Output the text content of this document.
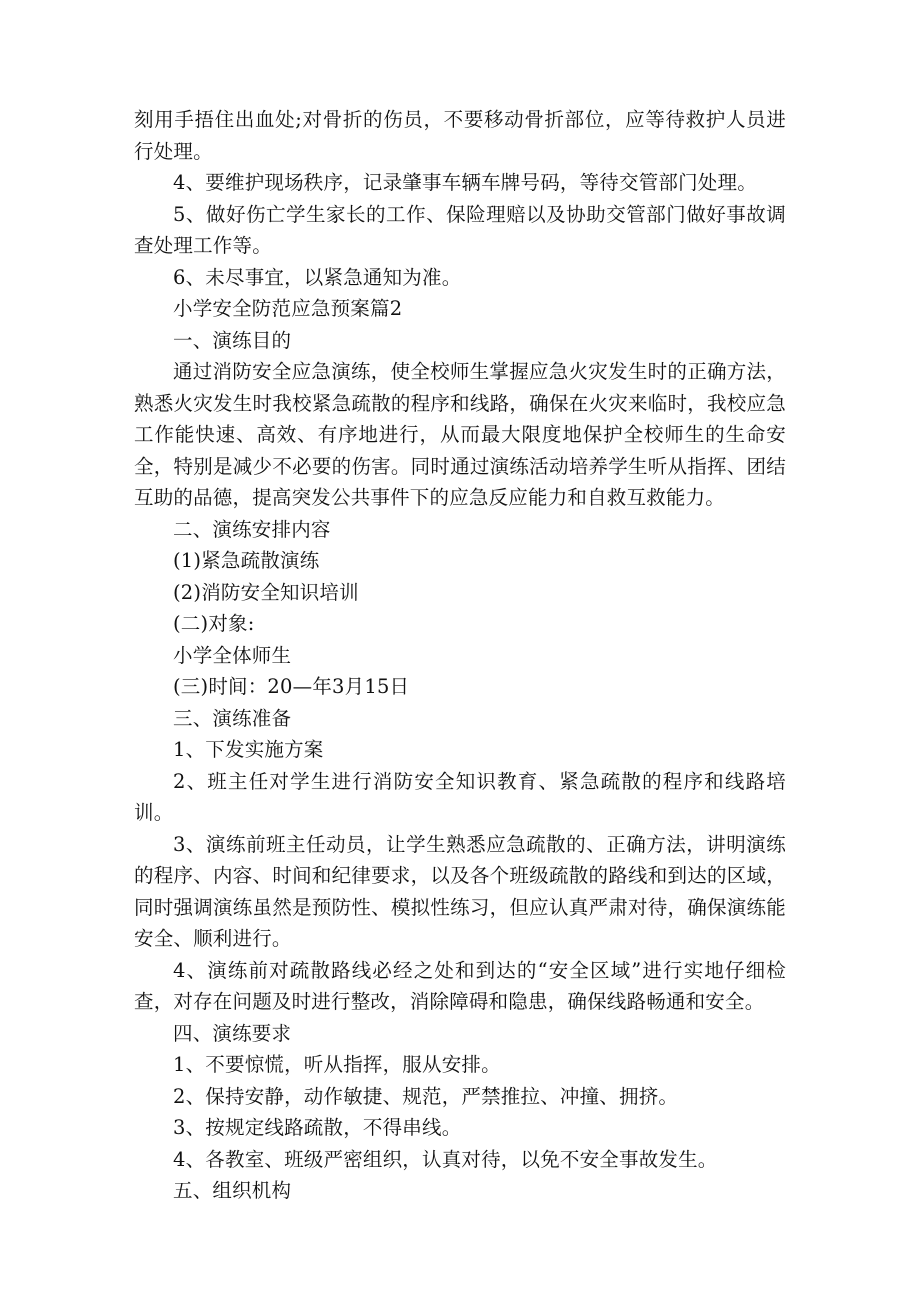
刻用手捂住出血处;对骨折的伤员，不要移动骨折部位，应等待救护人员进行处理。

4、要维护现场秩序，记录肇事车辆车牌号码，等待交管部门处理。

5、做好伤亡学生家长的工作、保险理赔以及协助交管部门做好事故调查处理工作等。

6、未尽事宜，以紧急通知为准。

小学安全防范应急预案篇2

一、演练目的

通过消防安全应急演练，使全校师生掌握应急火灾发生时的正确方法，熟悉火灾发生时我校紧急疏散的程序和线路，确保在火灾来临时，我校应急工作能快速、高效、有序地进行，从而最大限度地保护全校师生的生命安全，特别是减少不必要的伤害。同时通过演练活动培养学生听从指挥、团结互助的品德，提高突发公共事件下的应急反应能力和自救互救能力。

二、演练安排内容

(1)紧急疏散演练

(2)消防安全知识培训

(二)对象:

小学全体师生

(三)时间：20—年3月15日

三、演练准备

1、下发实施方案

2、班主任对学生进行消防安全知识教育、紧急疏散的程序和线路培训。

3、演练前班主任动员，让学生熟悉应急疏散的、正确方法，讲明演练的程序、内容、时间和纪律要求，以及各个班级疏散的路线和到达的区域，同时强调演练虽然是预防性、模拟性练习，但应认真严肃对待，确保演练能安全、顺利进行。

4、演练前对疏散路线必经之处和到达的“安全区域”进行实地仔细检查，对存在问题及时进行整改，消除障碍和隐患，确保线路畅通和安全。

四、演练要求

1、不要惊慌，听从指挥，服从安排。

2、保持安静，动作敏捷、规范，严禁推拉、冲撞、拥挤。

3、按规定线路疏散，不得串线。

4、各教室、班级严密组织，认真对待，以免不安全事故发生。

五、组织机构
